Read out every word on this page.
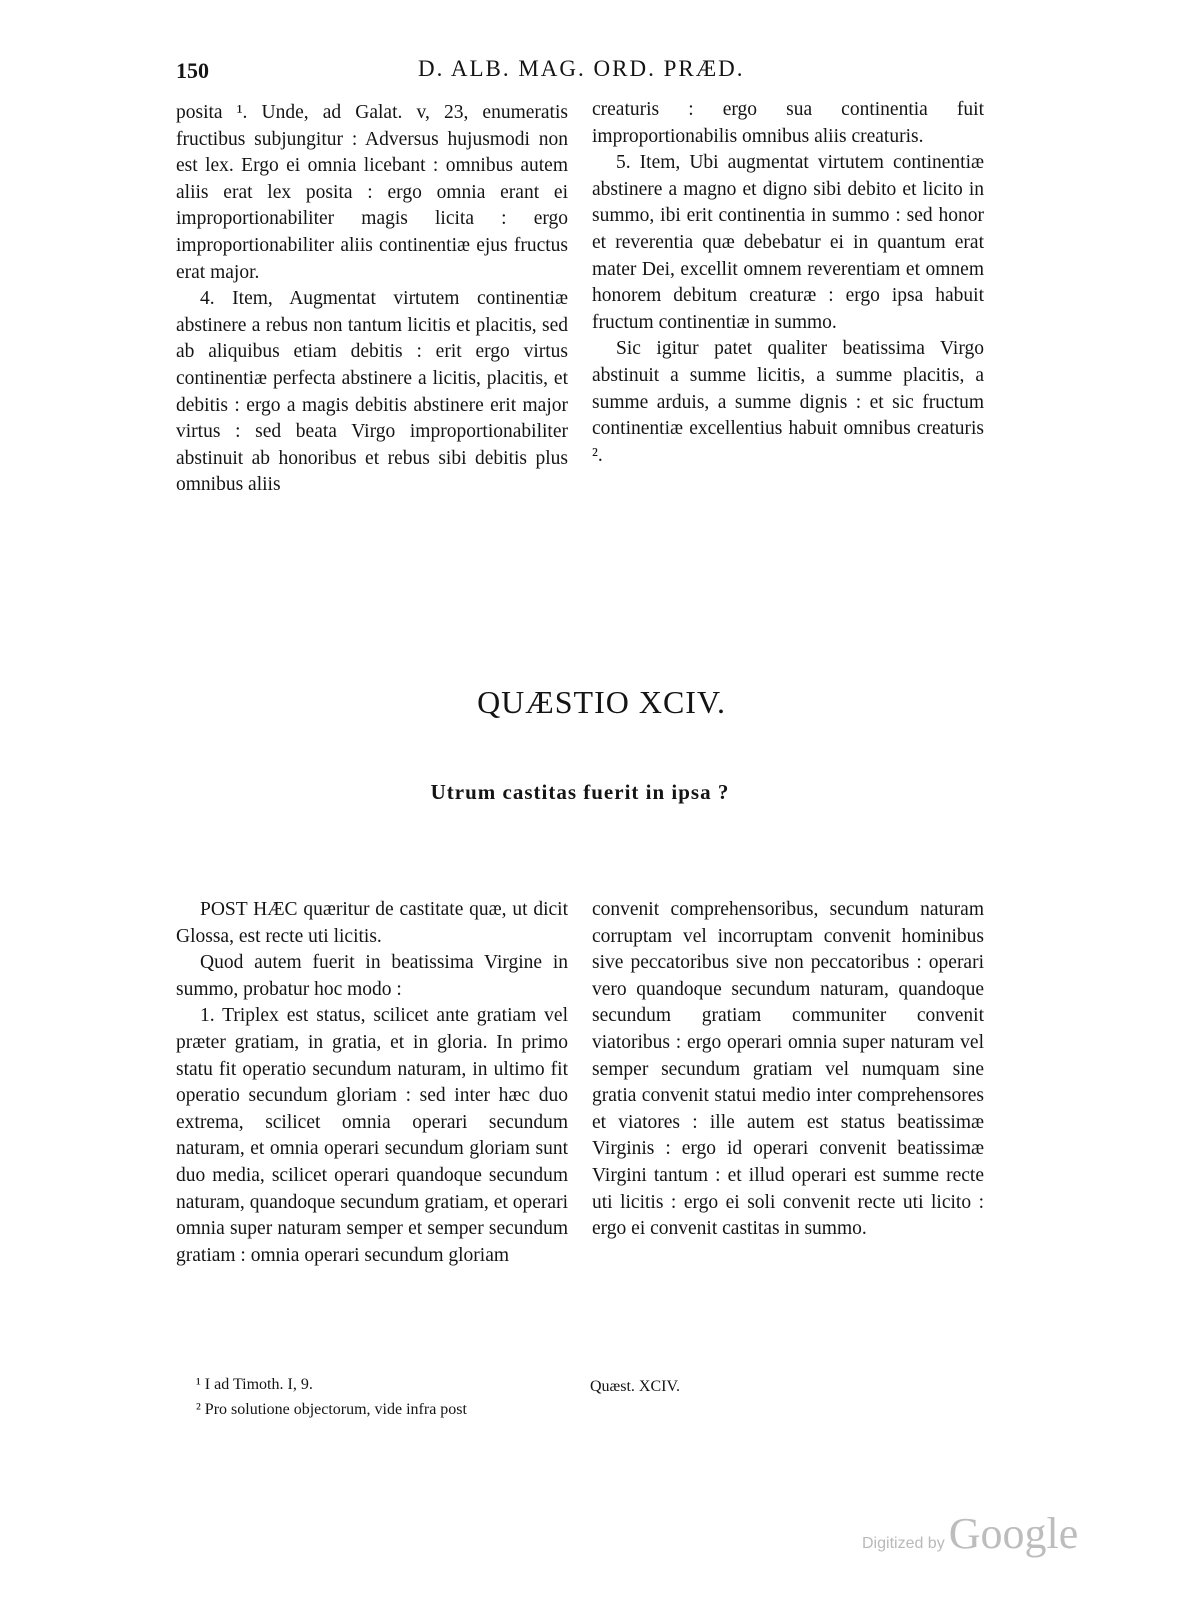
150	D. ALB. MAG. ORD. PRÆD.

posita ¹. Unde, ad Galat. v, 23, enumeratis fructibus subjungitur : Adversus hujusmodi non est lex. Ergo ei omnia licebant : omnibus autem aliis erat lex posita : ergo omnia erant ei improportionabiliter magis licita : ergo improportionabiliter aliis continentiæ ejus fructus erat major.

4. Item, Augmentat virtutem continentiæ abstinere a rebus non tantum licitis et placitis, sed ab aliquibus etiam debitis : erit ergo virtus continentiæ perfecta abstinere a licitis, placitis, et debitis : ergo a magis debitis abstinere erit major virtus : sed beata Virgo improportionabiliter abstinuit ab honoribus et rebus sibi debitis plus omnibus aliis

creaturis : ergo sua continentia fuit improportionabilis omnibus aliis creaturis.

5. Item, Ubi augmentat virtutem continentiæ abstinere a magno et digno sibi debito et licito in summo, ibi erit continentia in summo : sed honor et reverentia quæ debebatur ei in quantum erat mater Dei, excellit omnem reverentiam et omnem honorem debitum creaturæ : ergo ipsa habuit fructum continentiæ in summo.

Sic igitur patet qualiter beatissima Virgo abstinuit a summe licitis, a summe placitis, a summe arduis, a summe dignis : et sic fructum continentiæ excellentius habuit omnibus creaturis ².

QUÆSTIO XCIV.
Utrum castitas fuerit in ipsa ?

POST HÆC quæritur de castitate quæ, ut dicit Glossa, est recte uti licitis.

Quod autem fuerit in beatissima Virgine in summo, probatur hoc modo :

1. Triplex est status, scilicet ante gratiam vel præter gratiam, in gratia, et in gloria. In primo statu fit operatio secundum naturam, in ultimo fit operatio secundum gloriam : sed inter hæc duo extrema, scilicet omnia operari secundum naturam, et omnia operari secundum gloriam sunt duo media, scilicet operari quandoque secundum naturam, quandoque secundum gratiam, et operari omnia super naturam semper et semper secundum gratiam : omnia operari secundum gloriam

convenit comprehensoribus, secundum naturam corruptam vel incorruptam convenit hominibus sive peccatoribus sive non peccatoribus : operari vero quandoque secundum naturam, quandoque secundum gratiam communiter convenit viatoribus : ergo operari omnia super naturam vel semper secundum gratiam vel numquam sine gratia convenit statui medio inter comprehensores et viatores : ille autem est status beatissimæ Virginis : ergo id operari convenit beatissimæ Virgini tantum : et illud operari est summe recte uti licitis : ergo ei soli convenit recte uti licito : ergo ei convenit castitas in summo.

¹ I ad Timoth. I, 9.
² Pro solutione objectorum, vide infra post
Quæst. XCIV.
Digitized by Google
